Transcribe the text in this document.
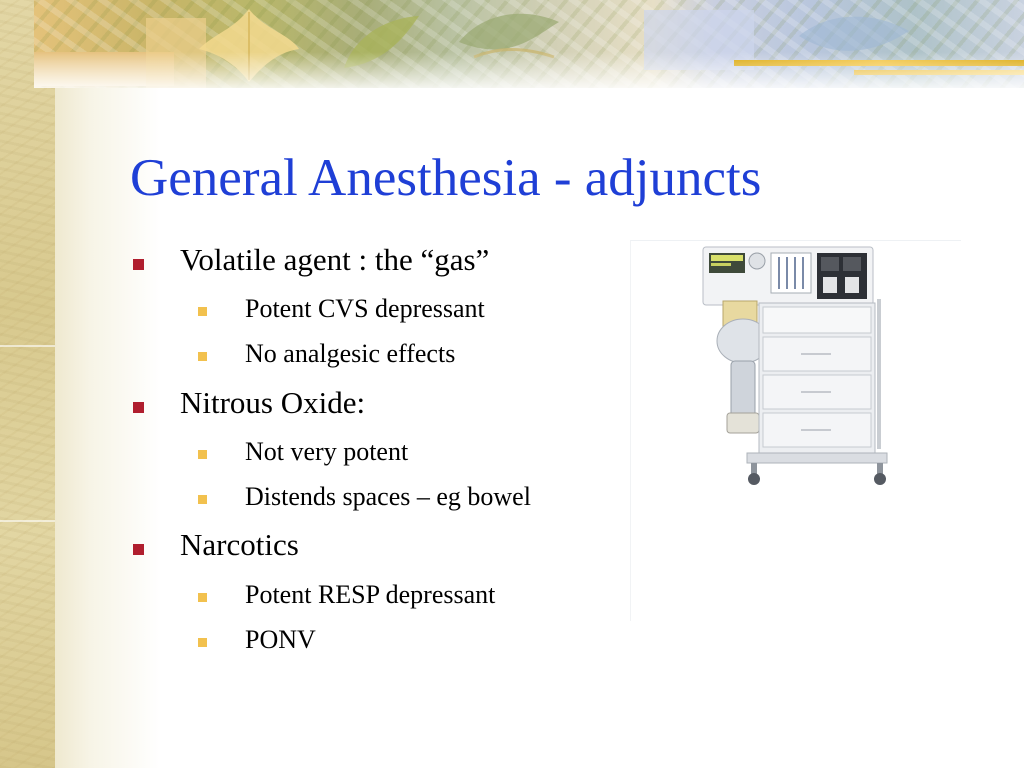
General Anesthesia - adjuncts
Volatile agent : the “gas”
Potent CVS depressant
No analgesic effects
Nitrous Oxide:
Not very potent
Distends spaces – eg bowel
Narcotics
Potent RESP depressant
PONV
